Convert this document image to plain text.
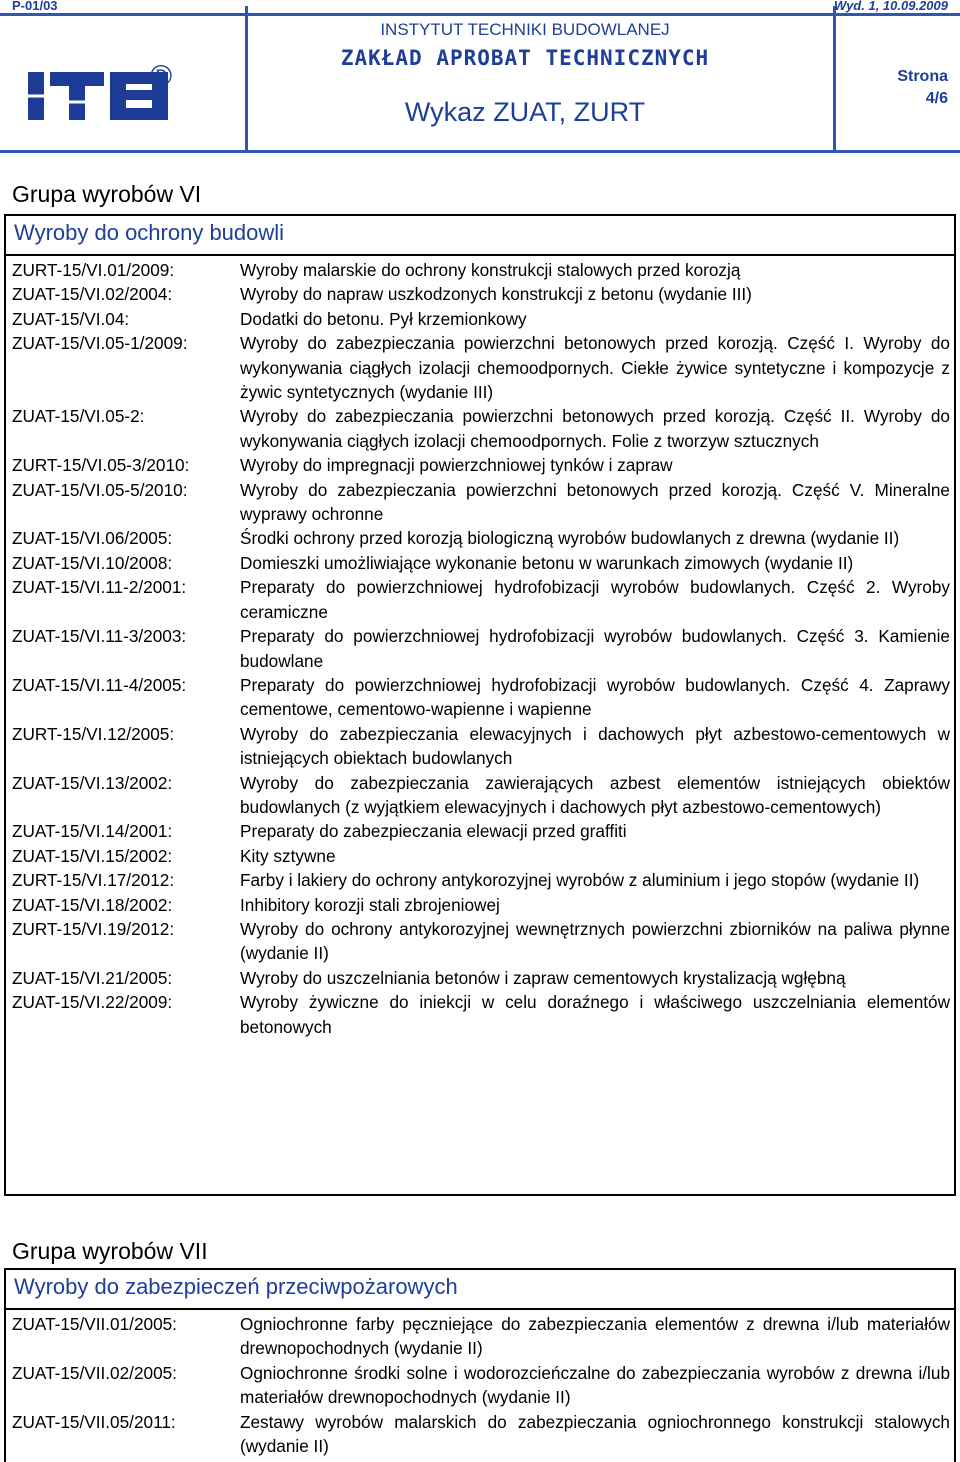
P-01/03	Wyd. 1, 10.09.2009
INSTYTUT TECHNIKI BUDOWLANEJ
ZAKŁAD APROBAT TECHNICZNYCH
Wykaz ZUAT, ZURT
Strona
4/6
®
Grupa wyrobów VI
Wyroby do ochrony budowli
ZURT-15/VI.01/2009:	Wyroby malarskie do ochrony konstrukcji stalowych przed korozją
ZUAT-15/VI.02/2004:	Wyroby do napraw uszkodzonych konstrukcji z betonu (wydanie III)
ZUAT-15/VI.04:	Dodatki do betonu. Pył krzemionkowy
ZUAT-15/VI.05-1/2009:	Wyroby do zabezpieczania powierzchni betonowych przed korozją. Część I. Wyroby do wykonywania ciągłych izolacji chemoodpornych. Ciekłe żywice syntetyczne i kompozycje z żywic syntetycznych (wydanie III)
ZUAT-15/VI.05-2:	Wyroby do zabezpieczania powierzchni betonowych przed korozją. Część II. Wyroby do wykonywania ciągłych izolacji chemoodpornych. Folie z tworzyw sztucznych
ZURT-15/VI.05-3/2010:	Wyroby do impregnacji powierzchniowej tynków i zapraw
ZUAT-15/VI.05-5/2010:	Wyroby do zabezpieczania powierzchni betonowych przed korozją. Część V. Mineralne wyprawy ochronne
ZUAT-15/VI.06/2005:	Środki ochrony przed korozją biologiczną wyrobów budowlanych z drewna (wydanie II)
ZUAT-15/VI.10/2008:	Domieszki umożliwiające wykonanie betonu w warunkach zimowych (wydanie II)
ZUAT-15/VI.11-2/2001:	Preparaty do powierzchniowej hydrofobizacji wyrobów budowlanych. Część 2. Wyroby ceramiczne
ZUAT-15/VI.11-3/2003:	Preparaty do powierzchniowej hydrofobizacji wyrobów budowlanych. Część 3. Kamienie budowlane
ZUAT-15/VI.11-4/2005:	Preparaty do powierzchniowej hydrofobizacji wyrobów budowlanych. Część 4. Zaprawy cementowe, cementowo-wapienne i wapienne
ZURT-15/VI.12/2005:	Wyroby do zabezpieczania elewacyjnych i dachowych płyt azbestowo-cementowych w istniejących obiektach budowlanych
ZUAT-15/VI.13/2002:	Wyroby do zabezpieczania zawierających azbest elementów istniejących obiektów budowlanych (z wyjątkiem elewacyjnych i dachowych płyt azbestowo-cementowych)
ZUAT-15/VI.14/2001:	Preparaty do zabezpieczania elewacji przed graffiti
ZUAT-15/VI.15/2002:	Kity sztywne
ZURT-15/VI.17/2012:	Farby i lakiery do ochrony antykorozyjnej wyrobów z aluminium i jego stopów (wydanie II)
ZUAT-15/VI.18/2002:	Inhibitory korozji stali zbrojeniowej
ZURT-15/VI.19/2012:	Wyroby do ochrony antykorozyjnej wewnętrznych powierzchni zbiorników na paliwa płynne (wydanie II)
ZUAT-15/VI.21/2005:	Wyroby do uszczelniania betonów i zapraw cementowych krystalizacją wgłębną
ZUAT-15/VI.22/2009:	Wyroby żywiczne do iniekcji w celu doraźnego i właściwego uszczelniania elementów betonowych
Grupa wyrobów VII
Wyroby do zabezpieczeń przeciwpożarowych
ZUAT-15/VII.01/2005:	Ogniochronne farby pęczniejące do zabezpieczania elementów z drewna i/lub materiałów drewnopochodnych (wydanie II)
ZUAT-15/VII.02/2005:	Ogniochronne środki solne i wodorozcieńczalne do zabezpieczania wyrobów z drewna i/lub materiałów drewnopochodnych (wydanie II)
ZUAT-15/VII.05/2011:	Zestawy wyrobów malarskich do zabezpieczania ogniochronnego konstrukcji stalowych (wydanie II)
